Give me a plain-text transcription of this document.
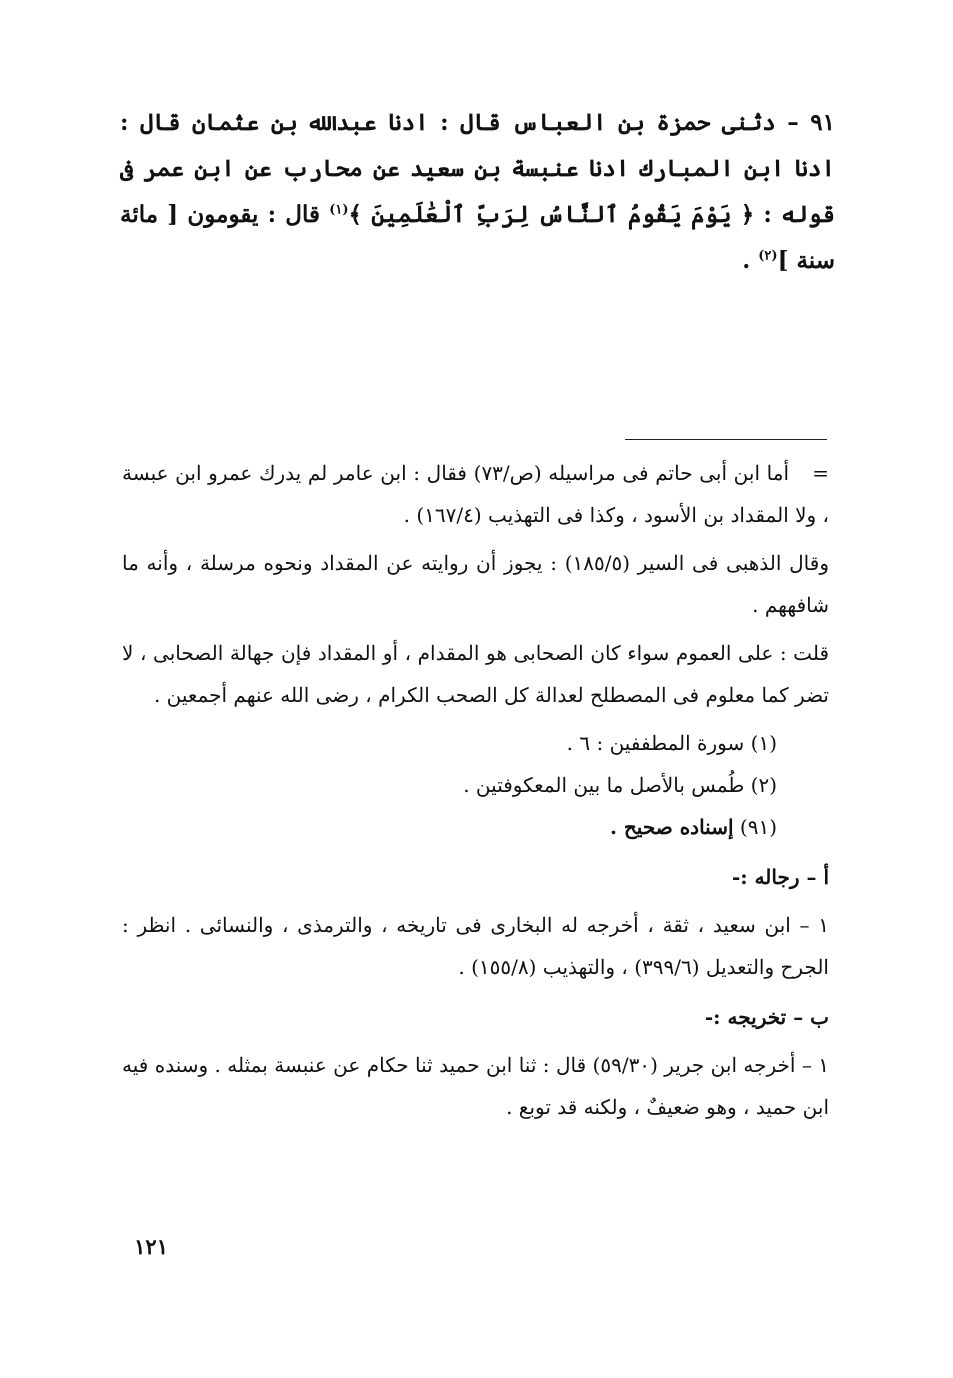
٩١ – دثنى حمزة بن العباس قال : ادنا عبدالله بن عثمان قال : ادنا ابن المبارك ادنا عنبسة بن سعيد عن محارب عن ابن عمر فى قوله : ﴿ يَوْمَ يَقُومُ ٱلنَّاسُ لِرَبِّ ٱلْعَٰلَمِينَ ﴾$^{(١)}$ قال : يقومون [ مائة سنة ]$^{(٢)}$ .

=أما ابن أبى حاتم فى مراسيله (ص/٧٣) فقال : ابن عامر لم يدرك عمرو ابن عبسة ، ولا المقداد بن الأسود ، وكذا فى التهذيب (١٦٧/٤) .

وقال الذهبى فى السير (١٨٥/٥) : يجوز أن روايته عن المقداد ونحوه مرسلة ، وأنه ما شافههم .

قلت : على العموم سواء كان الصحابى هو المقدام ، أو المقداد فإن جهالة الصحابى ، لا تضر كما معلوم فى المصطلح لعدالة كل الصحب الكرام ، رضى الله عنهم أجمعين .

(١) سورة المطففين : ٦ .
(٢) طُمس بالأصل ما بين المعكوفتين .
(٩١) إسناده صحيح .
أ – رجاله :-

١ – ابن سعيد ، ثقة ، أخرجه له البخارى فى تاريخه ، والترمذى ، والنسائى . انظر : الجرح والتعديل (٣٩٩/٦) ، والتهذيب (١٥٥/٨) .

ب – تخريجه :-

١ – أخرجه ابن جرير (٥٩/٣٠) قال : ثنا ابن حميد ثنا حكام عن عنبسة بمثله . وسنده فيه ابن حميد ، وهو ضعيفٌ ، ولكنه قد توبع .

١٢١
